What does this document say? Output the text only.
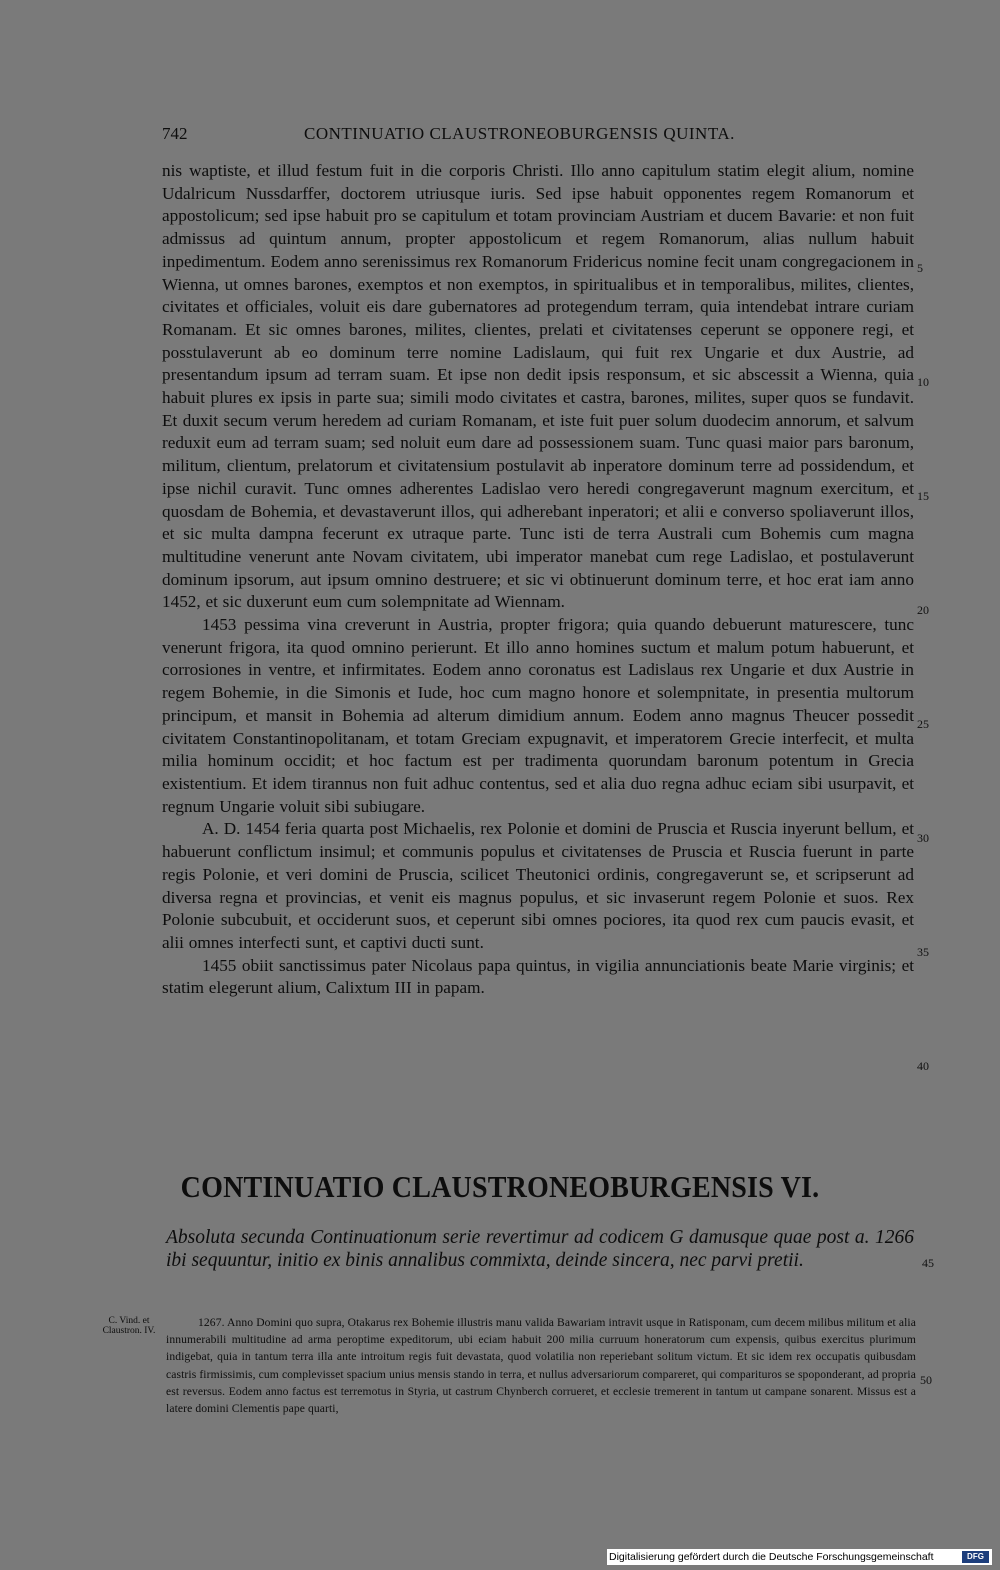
742	CONTINUATIO CLAUSTRONEOBURGENSIS QUINTA.

nis waptiste, et illud festum fuit in die corporis Christi. Illo anno capitulum statim elegit alium, nomine Udalricum Nussdarffer, doctorem utriusque iuris. Sed ipse habuit opponentes regem Romanorum et appostolicum; sed ipse habuit pro se capitulum et totam provinciam Austriam et ducem Bavarie: et non fuit admissus ad quintum annum, propter appostolicum et regem Romanorum, alias nullum habuit inpedimentum. Eodem anno serenissimus rex Romanorum Fridericus nomine fecit unam congregacionem in Wienna, ut omnes barones, exemptos et non exemptos, in spiritualibus et in temporalibus, milites, clientes, civitates et officiales, voluit eis dare gubernatores ad protegendum terram, quia intendebat intrare curiam Romanam. Et sic omnes barones, milites, clientes, prelati et civitatenses ceperunt se opponere regi, et posstulaverunt ab eo dominum terre nomine Ladislaum, qui fuit rex Ungarie et dux Austrie, ad presentandum ipsum ad terram suam. Et ipse non dedit ipsis responsum, et sic abscessit a Wienna, quia habuit plures ex ipsis in parte sua; simili modo civitates et castra, barones, milites, super quos se fundavit. Et duxit secum verum heredem ad curiam Romanam, et iste fuit puer solum duodecim annorum, et salvum reduxit eum ad terram suam; sed noluit eum dare ad possessionem suam. Tunc quasi maior pars baronum, militum, clientum, prelatorum et civitatensium postulavit ab inperatore dominum terre ad possidendum, et ipse nichil curavit. Tunc omnes adherentes Ladislao vero heredi congregaverunt magnum exercitum, et quosdam de Bohemia, et devastaverunt illos, qui adherebant inperatori; et alii e converso spoliaverunt illos, et sic multa dampna fecerunt ex utraque parte. Tunc isti de terra Australi cum Bohemis cum magna multitudine venerunt ante Novam civitatem, ubi imperator manebat cum rege Ladislao, et postulaverunt dominum ipsorum, aut ipsum omnino destruere; et sic vi obtinuerunt dominum terre, et hoc erat iam anno 1452, et sic duxerunt eum cum solempnitate ad Wiennam.

1453 pessima vina creverunt in Austria, propter frigora; quia quando debuerunt maturescere, tunc venerunt frigora, ita quod omnino perierunt. Et illo anno homines suctum et malum potum habuerunt, et corrosiones in ventre, et infirmitates. Eodem anno coronatus est Ladislaus rex Ungarie et dux Austrie in regem Bohemie, in die Simonis et Iude, hoc cum magno honore et solempnitate, in presentia multorum principum, et mansit in Bohemia ad alterum dimidium annum. Eodem anno magnus Theucer possedit civitatem Constantinopolitanam, et totam Greciam expugnavit, et imperatorem Grecie interfecit, et multa milia hominum occidit; et hoc factum est per tradimenta quorundam baronum potentum in Grecia existentium. Et idem tirannus non fuit adhuc contentus, sed et alia duo regna adhuc eciam sibi usurpavit, et regnum Ungarie voluit sibi subiugare.

A. D. 1454 feria quarta post Michaelis, rex Polonie et domini de Pruscia et Ruscia inyerunt bellum, et habuerunt conflictum insimul; et communis populus et civitatenses de Pruscia et Ruscia fuerunt in parte regis Polonie, et veri domini de Pruscia, scilicet Theutonici ordinis, congregaverunt se, et scripserunt ad diversa regna et provincias, et venit eis magnus populus, et sic invaserunt regem Polonie et suos. Rex Polonie subcubuit, et occiderunt suos, et ceperunt sibi omnes pociores, ita quod rex cum paucis evasit, et alii omnes interfecti sunt, et captivi ducti sunt.

1455 obiit sanctissimus pater Nicolaus papa quintus, in vigilia annunciationis beate Marie virginis; et statim elegerunt alium, Calixtum III in papam.

5
10
15
20
25
30
35
40
45
50
CONTINUATIO CLAUSTRONEOBURGENSIS VI.
Absoluta secunda Continuationum serie revertimur ad codicem G damusque quae post a. 1266 ibi sequuntur, initio ex binis annalibus commixta, deinde sincera, nec parvi pretii.
C. Vind. et Claustron. IV.
1267. Anno Domini quo supra, Otakarus rex Bohemie illustris manu valida Bawariam intravit usque in Ratisponam, cum decem milibus militum et alia innumerabili multitudine ad arma peroptime expeditorum, ubi eciam habuit 200 milia curruum honeratorum cum expensis, quibus exercitus plurimum indigebat, quia in tantum terra illa ante introitum regis fuit devastata, quod volatilia non reperiebant solitum victum. Et sic idem rex occupatis quibusdam castris firmissimis, cum complevisset spacium unius mensis stando in terra, et nullus adversariorum compareret, qui comparituros se spoponderant, ad propria est reversus. Eodem anno factus est terremotus in Styria, ut castrum Chynberch corrueret, et ecclesie tremerent in tantum ut campane sonarent. Missus est a latere domini Clementis pape quarti,
Digitalisierung gefördert durch die Deutsche Forschungsgemeinschaft	DFG
